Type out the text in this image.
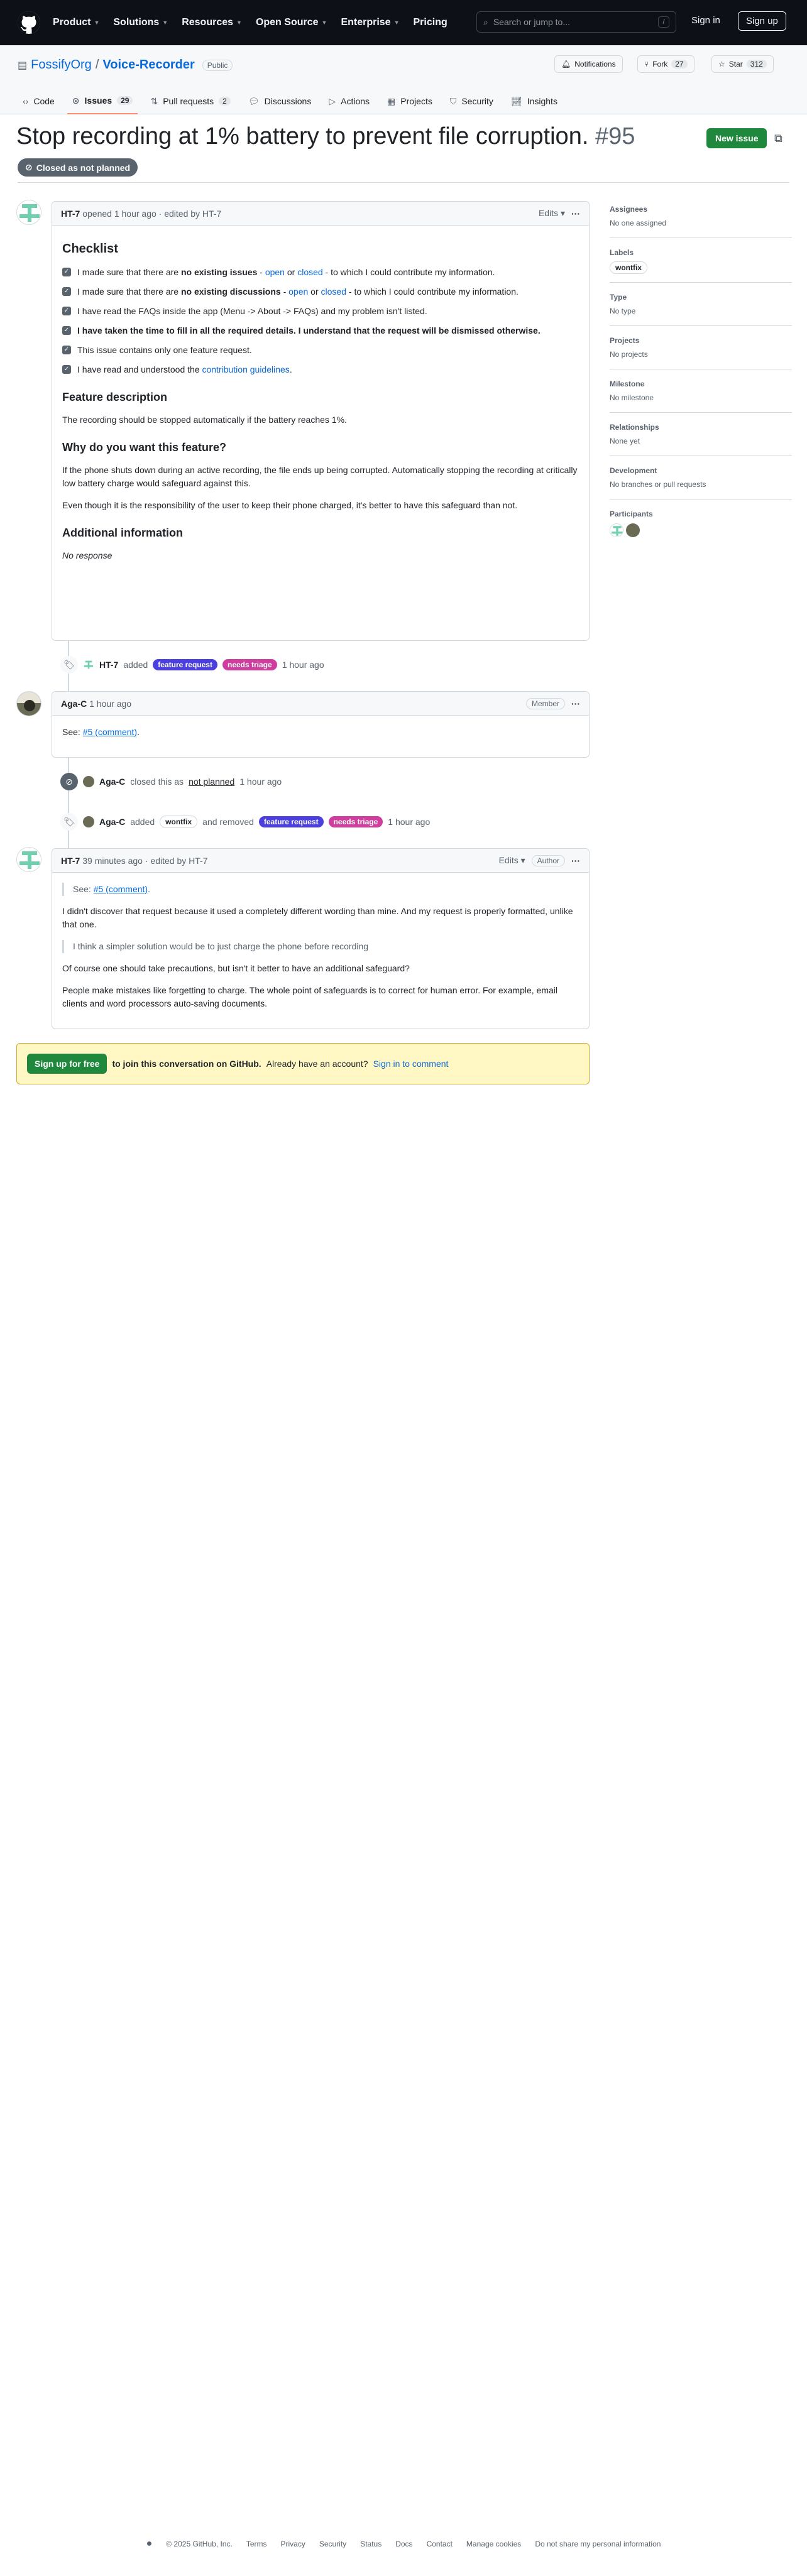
Product ▼ Solutions ▼ Resources ▼ Open Source ▼ Enterprise ▼ Pricing	⌕ Search or jump to...	/	Sign in	Sign up
▤ FossifyOrg / Voice-Recorder	Public	🔔︎ Notifications	⑂ Fork	27	☆ Star	312
‹› Code ⊙ Issues	29	⇅ Pull requests	2	💬︎ Discussions ▷ Actions ▦ Projects ⛉ Security 📈︎ Insights
Stop recording at 1% battery to prevent file corruption. #95	New issue	⧉
⊘ Closed as not planned
HT-7
opened 1 hour ago · edited by HT-7	Edits ▾ ···
Checklist
✓ I made sure that there are no existing issues - open or closed - to which I could contribute my information.
✓ I made sure that there are no existing discussions - open or closed - to which I could contribute my information.
✓ I have read the FAQs inside the app (Menu -> About -> FAQs) and my problem isn't listed.
✓ I have taken the time to fill in all the required details. I understand that the request will be dismissed otherwise.
✓ This issue contains only one feature request.
✓ I have read and understood the contribution guidelines.
Feature description

The recording should be stopped automatically if the battery reaches 1%.

Why do you want this feature?

If the phone shuts down during an active recording, the file ends up being corrupted. Automatically stopping the recording at critically low battery charge would safeguard against this.

Even though it is the responsibility of the user to keep their phone charged, it's better to have this safeguard than not.

Additional information

No response

🏷︎	HT-7 added	feature request	needs triage	1 hour ago
Aga-C
1 hour ago	Member	···

See: #5 (comment).

⊘	Aga-C closed this as not planned 1 hour ago
🏷︎	Aga-C added	wontfix	and removed	feature request	needs triage	1 hour ago
HT-7
39 minutes ago · edited by HT-7	Edits ▾	Author	···
See: #5 (comment).

I didn't discover that request because it used a completely different wording than mine. And my request is properly formatted, unlike that one.

I think a simpler solution would be to just charge the phone before recording

Of course one should take precautions, but isn't it better to have an additional safeguard?

People make mistakes like forgetting to charge. The whole point of safeguards is to correct for human error. For example, email clients and word processors auto-saving documents.

Sign up for free	to join this conversation on GitHub. Already have an account? Sign in to comment
Assignees
No one assigned
Labels
wontfix
Type
No type
Projects
No projects
Milestone
No milestone
Relationships
None yet
Development
No branches or pull requests
Participants
● © 2025 GitHub, Inc. Terms Privacy Security Status Docs Contact Manage cookies Do not share my personal information
